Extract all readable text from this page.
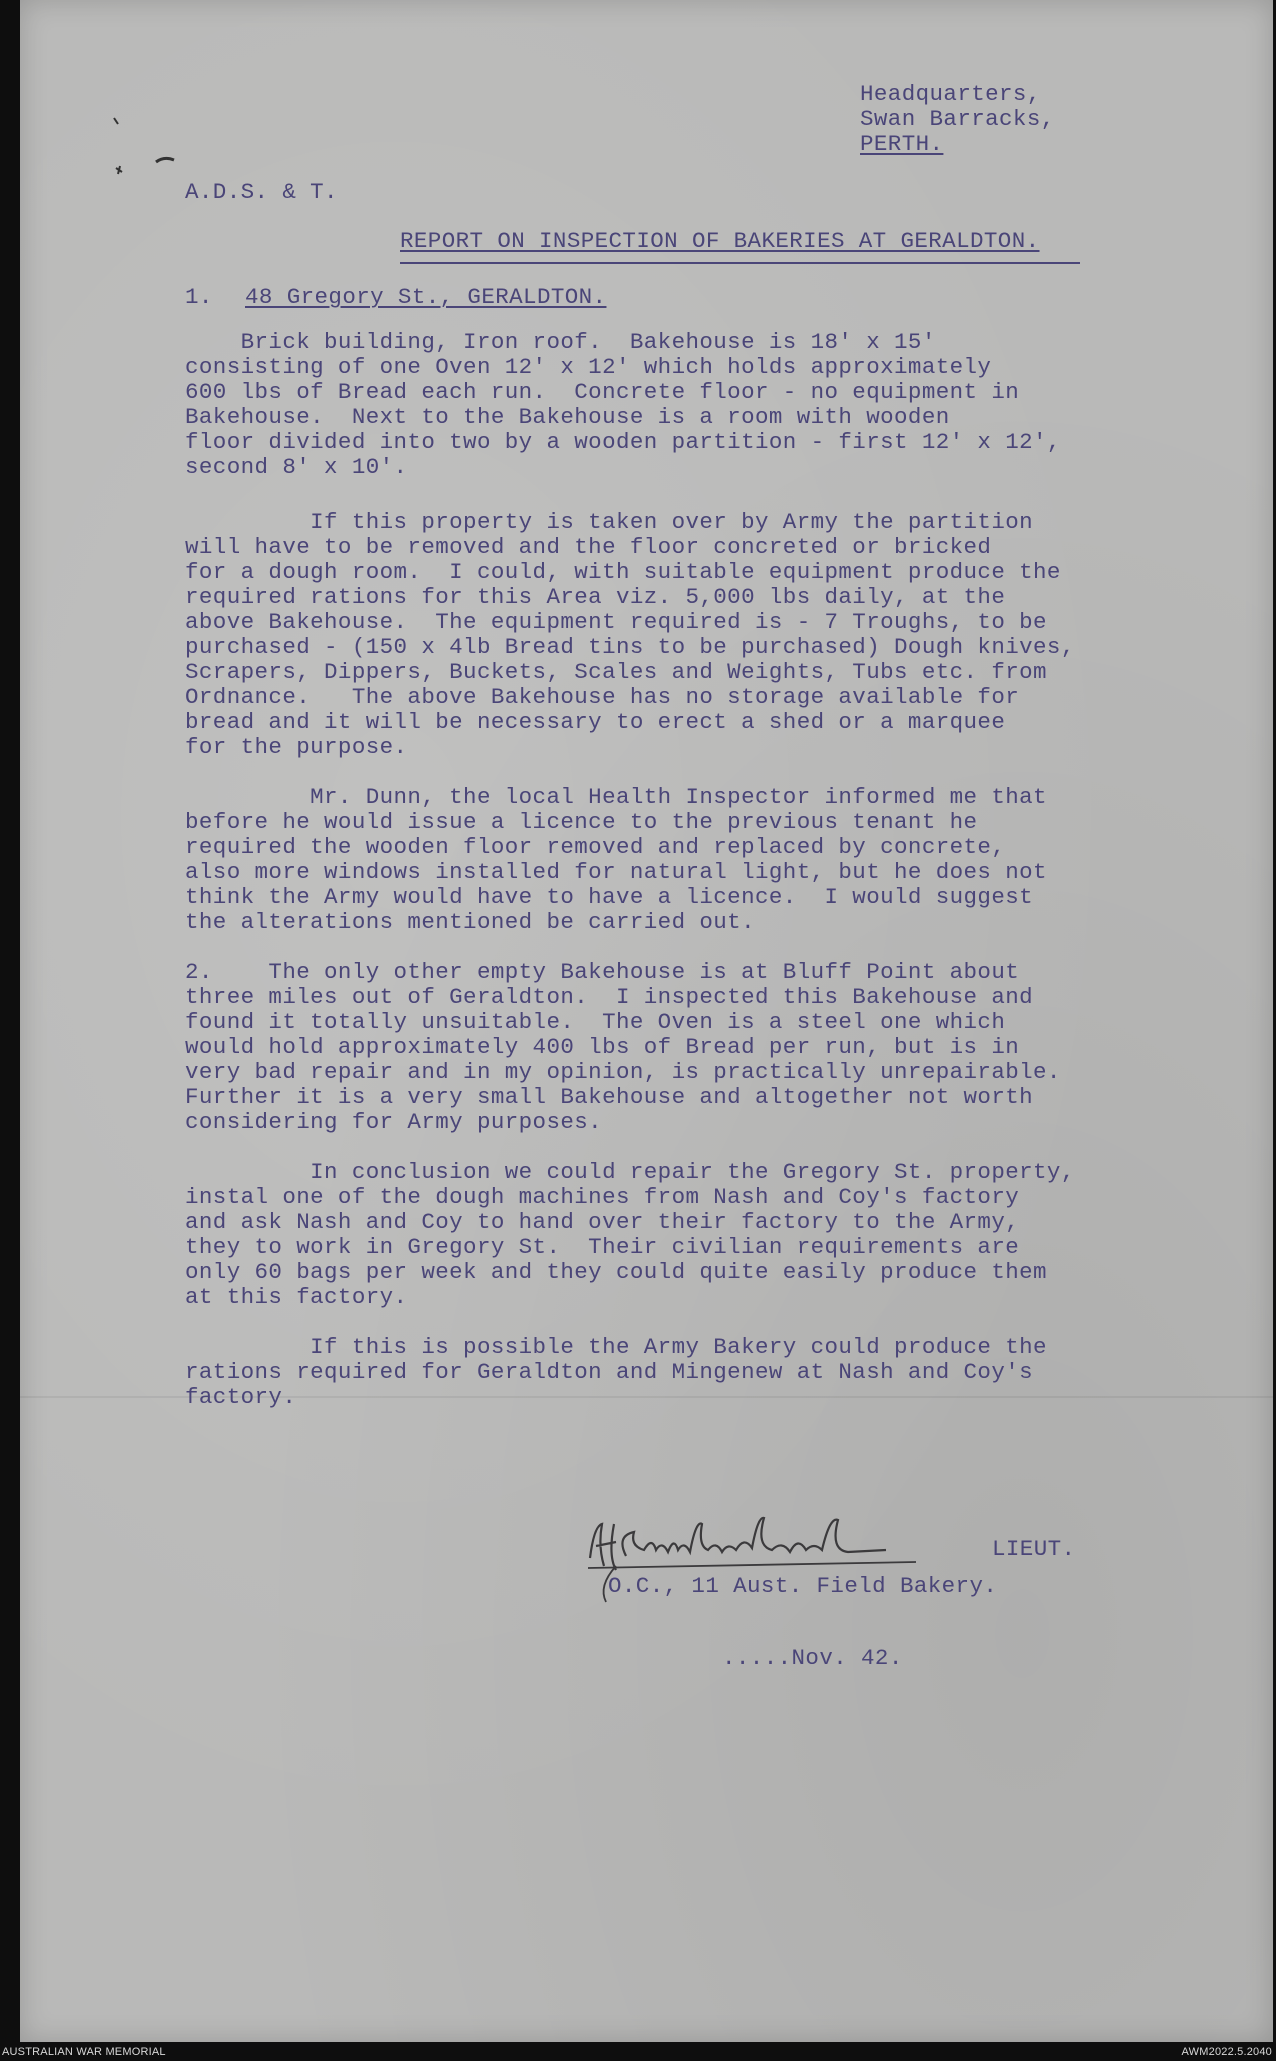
Headquarters,
Swan Barracks,
PERTH.
A.D.S. & T.
REPORT ON INSPECTION OF BAKERIES AT GERALDTON.
1. 48 Gregory St., GERALDTON.
Brick building, Iron roof.  Bakehouse is 18' x 15'
consisting of one Oven 12' x 12' which holds approximately
600 lbs of Bread each run.  Concrete floor - no equipment in
Bakehouse.  Next to the Bakehouse is a room with wooden
floor divided into two by a wooden partition - first 12' x 12',
second 8' x 10'.
If this property is taken over by Army the partition
will have to be removed and the floor concreted or bricked
for a dough room.  I could, with suitable equipment produce the
required rations for this Area viz. 5,000 lbs daily, at the
above Bakehouse.  The equipment required is - 7 Troughs, to be
purchased - (150 x 4lb Bread tins to be purchased) Dough knives,
Scrapers, Dippers, Buckets, Scales and Weights, Tubs etc. from
Ordnance.   The above Bakehouse has no storage available for
bread and it will be necessary to erect a shed or a marquee
for the purpose.
Mr. Dunn, the local Health Inspector informed me that
before he would issue a licence to the previous tenant he
required the wooden floor removed and replaced by concrete,
also more windows installed for natural light, but he does not
think the Army would have to have a licence.  I would suggest
the alterations mentioned be carried out.
2.    The only other empty Bakehouse is at Bluff Point about
three miles out of Geraldton.  I inspected this Bakehouse and
found it totally unsuitable.  The Oven is a steel one which
would hold approximately 400 lbs of Bread per run, but is in
very bad repair and in my opinion, is practically unrepairable.
Further it is a very small Bakehouse and altogether not worth
considering for Army purposes.
In conclusion we could repair the Gregory St. property,
instal one of the dough machines from Nash and Coy's factory
and ask Nash and Coy to hand over their factory to the Army,
they to work in Gregory St.  Their civilian requirements are
only 60 bags per week and they could quite easily produce them
at this factory.
If this is possible the Army Bakery could produce the
rations required for Geraldton and Mingenew at Nash and Coy's
factory.
LIEUT.
O.C., 11 Aust. Field Bakery.
.....Nov. 42.
AUSTRALIAN WAR MEMORIAL	AWM2022.5.2040
